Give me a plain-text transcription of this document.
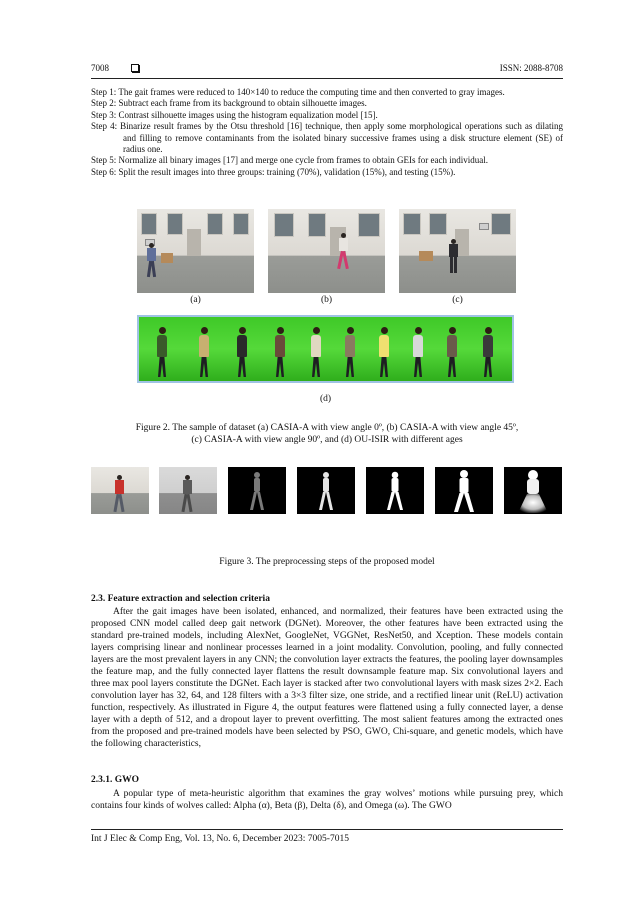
7008	ISSN: 2088-8708
Step 1: The gait frames were reduced to 140×140 to reduce the computing time and then converted to gray images.
Step 2: Subtract each frame from its background to obtain silhouette images.
Step 3: Contrast silhouette images using the histogram equalization model [15].
Step 4: Binarize result frames by the Otsu threshold [16] technique, then apply some morphological operations such as dilating and filling to remove contaminants from the isolated binary successive frames using a disk structure element (SE) of radius one.
Step 5: Normalize all binary images [17] and merge one cycle from frames to obtain GEIs for each individual.
Step 6: Split the result images into three groups: training (70%), validation (15%), and testing (15%).
(a)	(b)	(c)
(d)
Figure 2. The sample of dataset (a) CASIA-A with view angle 0º, (b) CASIA-A with view angle 45º,
(c) CASIA-A with view angle 90º, and (d) OU-ISIR with different ages
Figure 3. The preprocessing steps of the proposed model
2.3. Feature extraction and selection criteria
After the gait images have been isolated, enhanced, and normalized, their features have been extracted using the proposed CNN model called deep gait network (DGNet). Moreover, the other features have been extracted using the standard pre-trained models, including AlexNet, GoogleNet, VGGNet, ResNet50, and Xception. These models contain layers comprising linear and nonlinear processes learned in a joint modality. Convolution, pooling, and fully connected layers are the most prevalent layers in any CNN; the convolution layer extracts the features, the pooling layer downsamples the feature map, and the fully connected layer flattens the result downsample feature map. Six convolutional layers and three max pool layers constitute the DGNet. Each layer is stacked after two convolutional layers with mask sizes 2×2. Each convolution layer has 32, 64, and 128 filters with a 3×3 filter size, one stride, and a rectified linear unit (ReLU) activation function, respectively. As illustrated in Figure 4, the output features were flattened using a fully connected layer, a dense layer with a depth of 512, and a dropout layer to prevent overfitting. The most salient features among the extracted ones from the proposed and pre-trained models have been selected by PSO, GWO, Chi-square, and genetic models, which have the following characteristics,
2.3.1. GWO
A popular type of meta-heuristic algorithm that examines the gray wolves’ motions while pursuing prey, which contains four kinds of wolves called: Alpha (α), Beta (β), Delta (δ), and Omega (ω). The GWO
Int J Elec & Comp Eng, Vol. 13, No. 6, December 2023: 7005-7015
